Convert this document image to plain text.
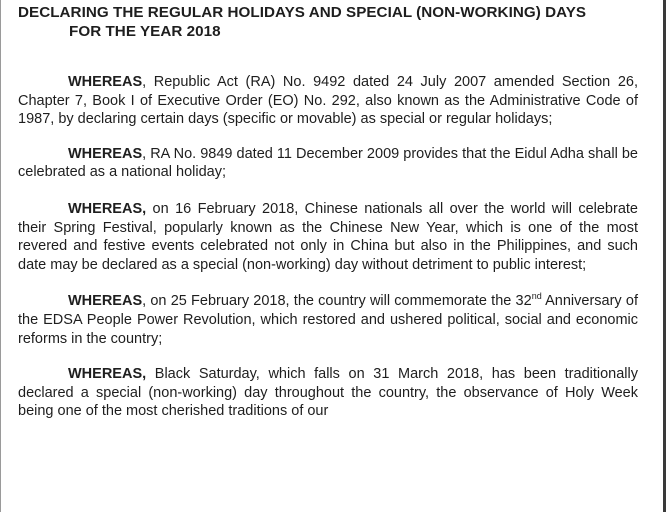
DECLARING THE REGULAR HOLIDAYS AND SPECIAL (NON-WORKING) DAYS
FOR THE YEAR 2018

WHEREAS, Republic Act (RA) No. 9492 dated 24 July 2007 amended Section 26, Chapter 7, Book I of Executive Order (EO) No. 292, also known as the Administrative Code of 1987, by declaring certain days (specific or movable) as special or regular holidays;

WHEREAS, RA No. 9849 dated 11 December 2009 provides that the Eidul Adha shall be celebrated as a national holiday;

WHEREAS, on 16 February 2018, Chinese nationals all over the world will celebrate their Spring Festival, popularly known as the Chinese New Year, which is one of the most revered and festive events celebrated not only in China but also in the Philippines, and such date may be declared as a special (non-working) day without detriment to public interest;

WHEREAS, on 25 February 2018, the country will commemorate the 32nd Anniversary of the EDSA People Power Revolution, which restored and ushered political, social and economic reforms in the country;

WHEREAS, Black Saturday, which falls on 31 March 2018, has been traditionally declared a special (non-working) day throughout the country, the observance of Holy Week being one of the most cherished traditions of our
